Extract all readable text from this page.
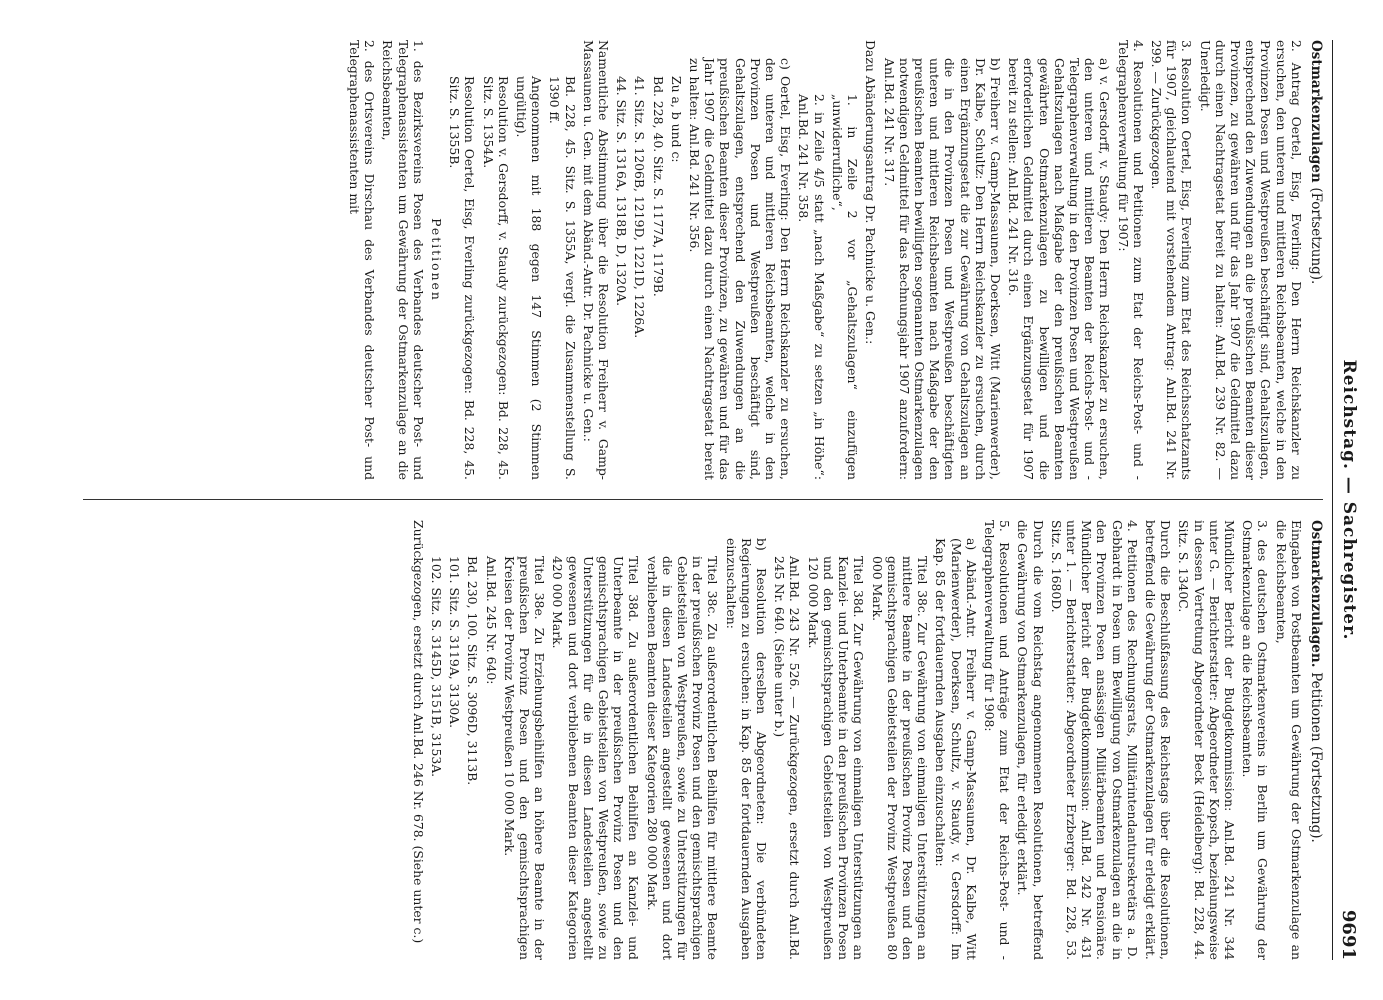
Reichstag. — Sachregister.
9691
Ostmarkenzulagen (Fortsetzung).
2. Antrag Oertel, Eisg, Everling: Den Herrn Reichskanzler zu ersuchen, den unteren und mittleren Reichsbeamten, welche in den Provinzen Posen und Westpreußen beschäftigt sind, Gehaltszulagen, entsprechend den Zuwendungen an die preußischen Beamten dieser Provinzen, zu gewähren und für das Jahr 1907 die Geldmittel dazu durch einen Nachtragsetat bereit zu halten: Anl.Bd. 239 Nr. 82. — Unerledigt.
3. Resolution Oertel, Eisg, Everling zum Etat des Reichsschatzamts für 1907, gleichlautend mit vorstehendem Antrag: Anl.Bd. 241 Nr. 299. — Zurückgezogen.
4. Resolutionen und Petitionen zum Etat der Reichs-Post- und -Telegraphenverwaltung für 1907:
a) v. Gersdorff, v. Staudy: Den Herrn Reichskanzler zu ersuchen, den unteren und mittleren Beamten der Reichs-Post- und -Telegraphenverwaltung in den Provinzen Posen und Westpreußen Gehaltszulagen nach Maßgabe der den preußischen Beamten gewährten Ostmarkenzulagen zu bewilligen und die erforderlichen Geldmittel durch einen Ergänzungsetat für 1907 bereit zu stellen: Anl.Bd. 241 Nr. 316.
b) Freiherr v. Gamp-Massaunen, Doerksen, Witt (Marienwerder), Dr. Kalbe, Schultz: Den Herrn Reichskanzler zu ersuchen, durch einen Ergänzungsetat die zur Gewährung von Gehaltszulagen an die in den Provinzen Posen und Westpreußen beschäftigten unteren und mittleren Reichsbeamten nach Maßgabe der den preußischen Beamten bewilligten sogenannten Ostmarkenzulagen notwendigen Geldmittel für das Rechnungsjahr 1907 anzufordern: Anl.Bd. 241 Nr. 317.
Dazu Abänderungsantrag Dr. Pachnicke u. Gen.:
1. in Zeile 2 vor „Gehaltszulagen“ einzufügen „unwiderrufliche“,
2. in Zeile 4/5 statt „nach Maßgabe“ zu setzen „in Höhe“: Anl.Bd. 241 Nr. 358.
c) Oertel, Eisg, Everling: Den Herrn Reichskanzler zu ersuchen, den unteren und mittleren Reichsbeamten, welche in den Provinzen Posen und Westpreußen beschäftigt sind, Gehaltszulagen, entsprechend den Zuwendungen an die preußischen Beamten dieser Provinzen, zu gewähren und für das Jahr 1907 die Geldmittel dazu durch einen Nachtragsetat bereit zu halten: Anl.Bd. 241 Nr. 356.
Zu a, b und c:
Bd. 228, 40. Sitz. S. 1177A, 1179B.
41. Sitz. S. 1206B, 1219D, 1221D, 1226A.
44. Sitz. S. 1316A, 1318B, D, 1320A.
Namentliche Abstimmung über die Resolution Freiherr v. Gamp-Massaunen u. Gen. mit dem Abänd.-Antr. Dr. Pachnicke u. Gen.:
Bd. 228, 45. Sitz. S. 1355A, vergl. die Zusammenstellung S. 1390 ff.
Angenommen mit 188 gegen 147 Stimmen (2 Stimmen ungültig).
Resolution v. Gersdorff, v. Staudy zurückgezogen: Bd. 228, 45. Sitz. S. 1354A.
Resolution Oertel, Eisg, Everling zurückgezogen: Bd. 228, 45. Sitz. S. 1355B.
Petitionen
1. des Bezirksvereins Posen des Verbandes deutscher Post- und Telegraphenassistenten um Gewährung der Ostmarkenzulage an die Reichsbeamten,
2. des Ortsvereins Dirschau des Verbandes deutscher Post- und Telegraphenassistenten mit
Ostmarkenzulagen. Petitionen (Fortsetzung).
Eingaben von Postbeamten um Gewährung der Ostmarkenzulage an die Reichsbeamten,
3. des deutschen Ostmarkenvereins in Berlin um Gewährung der Ostmarkenzulage an die Reichsbeamten.
Mündlicher Bericht der Budgetkommission: Anl.Bd. 241 Nr. 344 unter G. — Berichterstatter: Abgeordneter Kopsch, beziehungsweise in dessen Vertretung Abgeordneter Beck (Heidelberg): Bd. 228, 44. Sitz. S. 1340C.
Durch die Beschlußfassung des Reichstags über die Resolutionen, betreffend die Gewährung der Ostmarkenzulagen für erledigt erklärt.
4. Petitionen des Rechnungsrats, Militärintendantursekretärs a. D. Gebhardt in Posen um Bewilligung von Ostmarkenzulagen an die in den Provinzen Posen ansässigen Militärbeamten und Pensionäre. Mündlicher Bericht der Budgetkommission: Anl.Bd. 242 Nr. 431 unter 1. — Berichterstatter: Abgeordneter Erzberger: Bd. 228, 53. Sitz. S. 1680D.
Durch die vom Reichstag angenommenen Resolutionen, betreffend die Gewährung von Ostmarkenzulagen, für erledigt erklärt.
5. Resolutionen und Anträge zum Etat der Reichs-Post- und -Telegraphenverwaltung für 1908:
a) Abänd.-Antr. Freiherr v. Gamp-Massaunen, Dr. Kalbe, Witt (Marienwerder), Doerksen, Schultz, v. Staudy, v. Gersdorff: Im Kap. 85 der fortdauernden Ausgaben einzuschalten:
Titel 38c. Zur Gewährung von einmaligen Unterstützungen an mittlere Beamte in der preußischen Provinz Posen und den gemischtsprachigen Gebietsteilen der Provinz Westpreußen 80 000 Mark.
Titel 38d. Zur Gewährung von einmaligen Unterstützungen an Kanzlei- und Unterbeamte in den preußischen Provinzen Posen und den gemischtsprachigen Gebietsteilen von Westpreußen 120 000 Mark.
Anl.Bd. 243 Nr. 526. — Zurückgezogen, ersetzt durch Anl.Bd. 245 Nr. 640. (Siehe unter b.)
b) Resolution derselben Abgeordneten: Die verbündeten Regierungen zu ersuchen: in Kap. 85 der fortdauernden Ausgaben einzuschalten:
Titel 38c. Zu außerordentlichen Beihilfen für mittlere Beamte in der preußischen Provinz Posen und den gemischtsprachigen Gebietsteilen von Westpreußen, sowie zu Unterstützungen für die in diesen Landesteilen angestellt gewesenen und dort verbliebenen Beamten dieser Kategorien 280 000 Mark.
Titel 38d. Zu außerordentlichen Beihilfen an Kanzlei- und Unterbeamte in der preußischen Provinz Posen und den gemischtsprachigen Gebietsteilen von Westpreußen, sowie zu Unterstützungen für die in diesen Landesteilen angestellt gewesenen und dort verbliebenen Beamten dieser Kategorien 420 000 Mark.
Titel 38e. Zu Erziehungsbeihilfen an höhere Beamte in der preußischen Provinz Posen und den gemischtsprachigen Kreisen der Provinz Westpreußen 10 000 Mark.
Anl.Bd. 245 Nr. 640:
Bd. 230, 100. Sitz. S. 3096D, 3113B.
101. Sitz. S. 3119A, 3130A.
102. Sitz. S. 3145D, 3151B, 3153A.
Zurückgezogen, ersetzt durch Anl.Bd. 246 Nr. 678. (Siehe unter c.)
